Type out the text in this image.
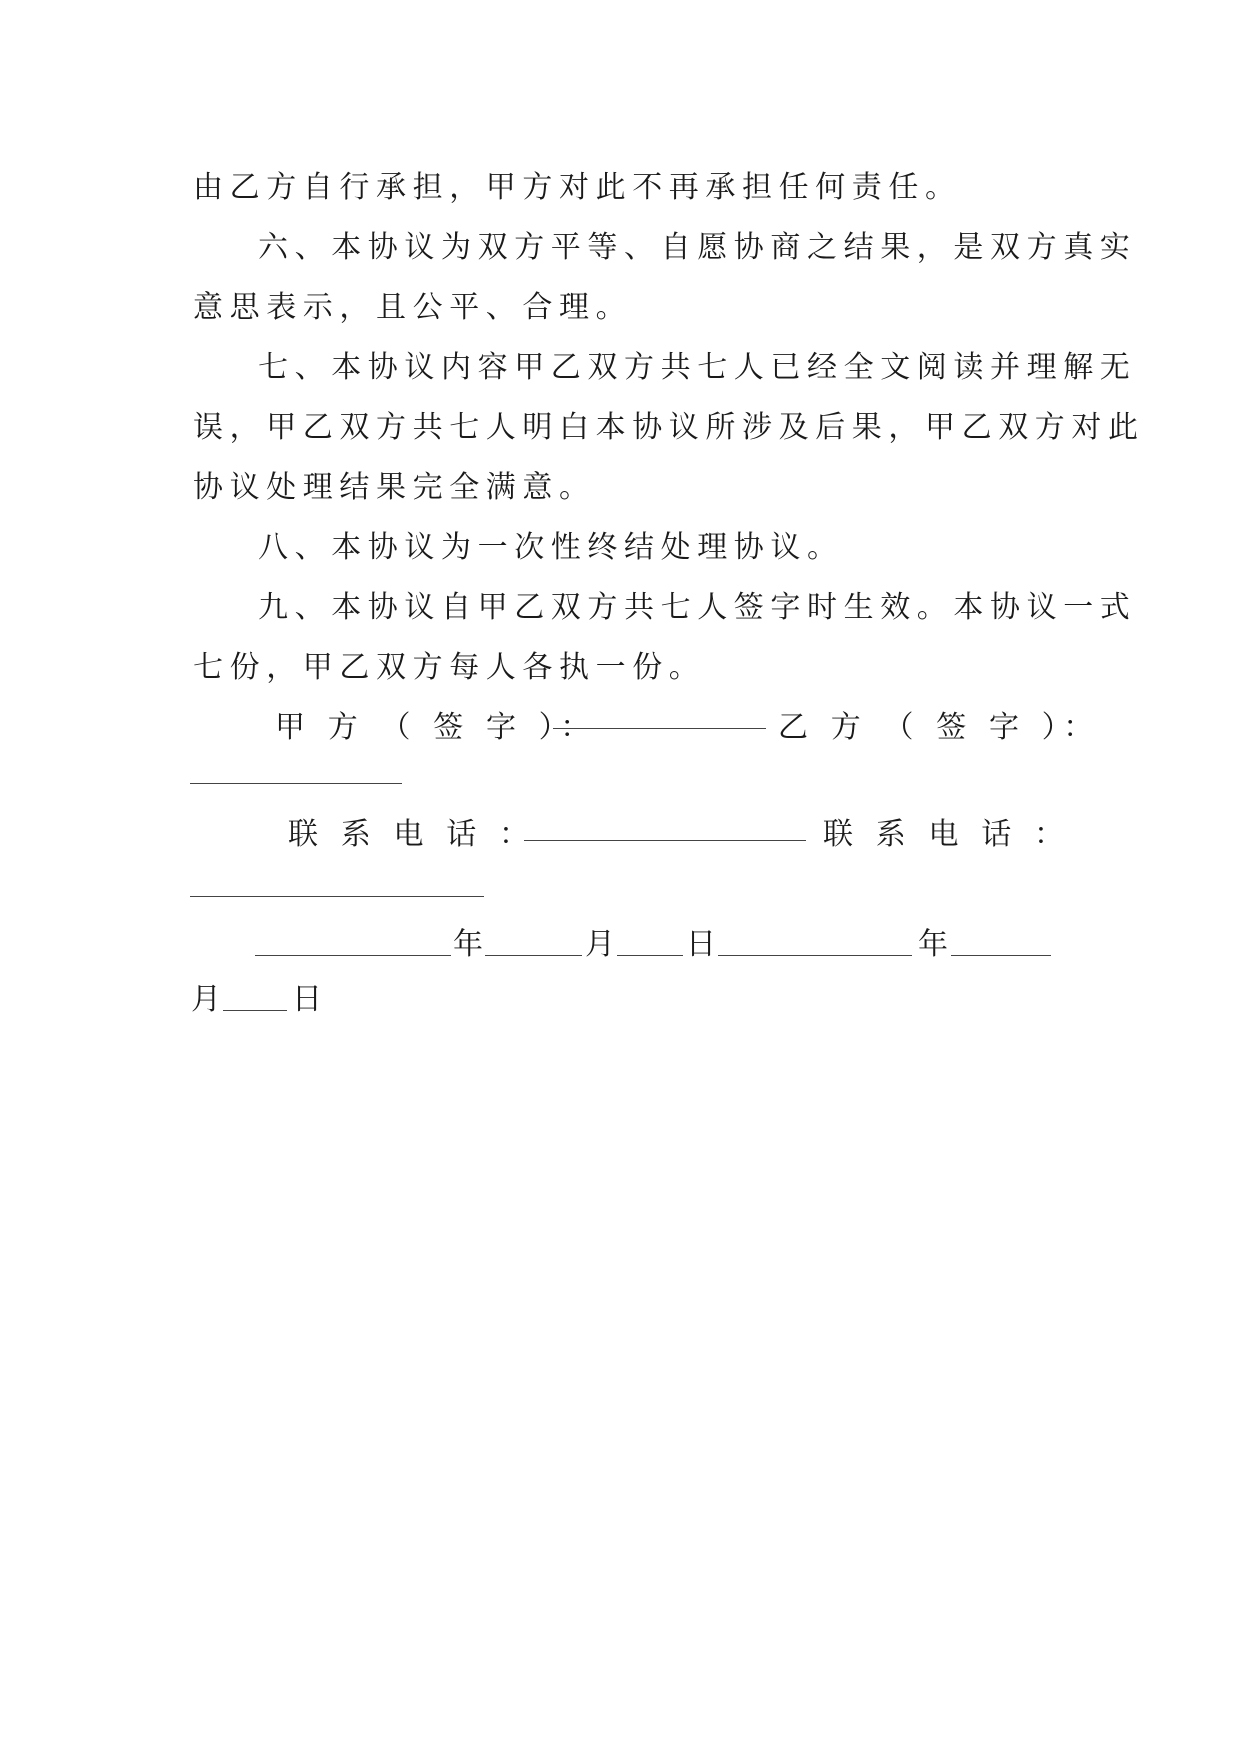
由乙方自行承担，甲方对此不再承担任何责任。
六、本协议为双方平等、自愿协商之结果，是双方真实
意思表示，且公平、合理。
七、本协议内容甲乙双方共七人已经全文阅读并理解无
误，甲乙双方共七人明白本协议所涉及后果，甲乙双方对此
协议处理结果完全满意。
八、本协议为一次性终结处理协议。
九、本协议自甲乙双方共七人签字时生效。本协议一式
七份，甲乙双方每人各执一份。
甲 方 （ 签 字 ）：	乙 方 （ 签 字 ）：
联 系 电 话 ：	联 系 电 话 ：
年	月 日	年
月 日
